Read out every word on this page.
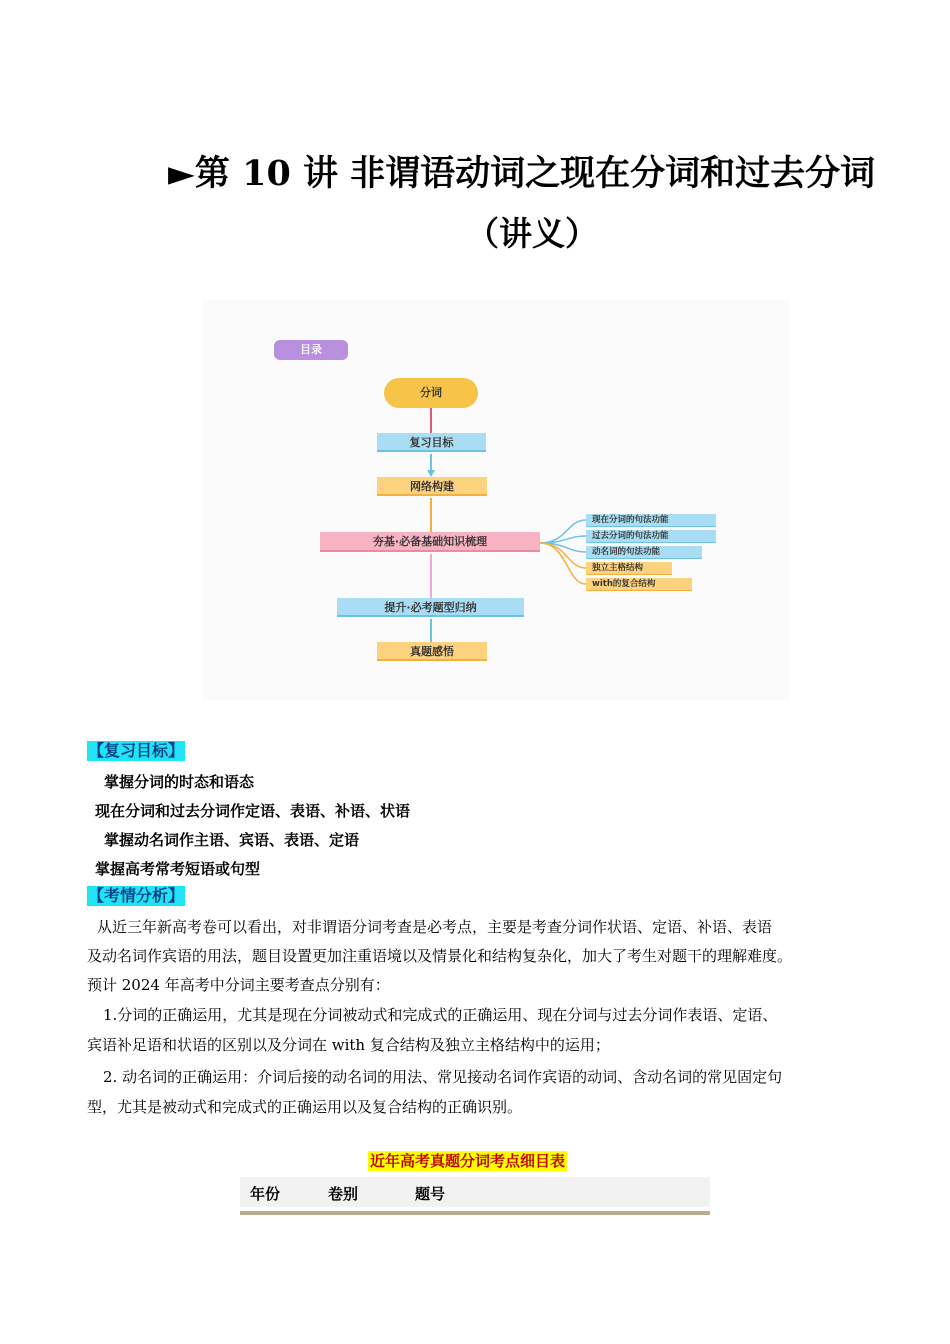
►第 10 讲 非谓语动词之现在分词和过去分词
（讲义）
目录
分词
复习目标
网络构建
夯基·必备基础知识梳理
提升·必考题型归纳
真题感悟
现在分词的句法功能
过去分词的句法功能
动名词的句法功能
独立主格结构
with的复合结构
【复习目标】
掌握分词的时态和语态
现在分词和过去分词作定语、表语、补语、状语
掌握动名词作主语、宾语、表语、定语
掌握高考常考短语或句型
【考情分析】
从近三年新高考卷可以看出，对非谓语分词考查是必考点，主要是考查分词作状语、定语、补语、表语
及动名词作宾语的用法，题目设置更加注重语境以及情景化和结构复杂化，加大了考生对题干的理解难度。
预计 2024 年高考中分词主要考查点分别有：
1.分词的正确运用，尤其是现在分词被动式和完成式的正确运用、现在分词与过去分词作表语、定语、
宾语补足语和状语的区别以及分词在 with 复合结构及独立主格结构中的运用；
2. 动名词的正确运用：介词后接的动名词的用法、常见接动名词作宾语的动词、含动名词的常见固定句
型，尤其是被动式和完成式的正确运用以及复合结构的正确识别。
近年高考真题分词考点细目表
年份	卷别	题号
